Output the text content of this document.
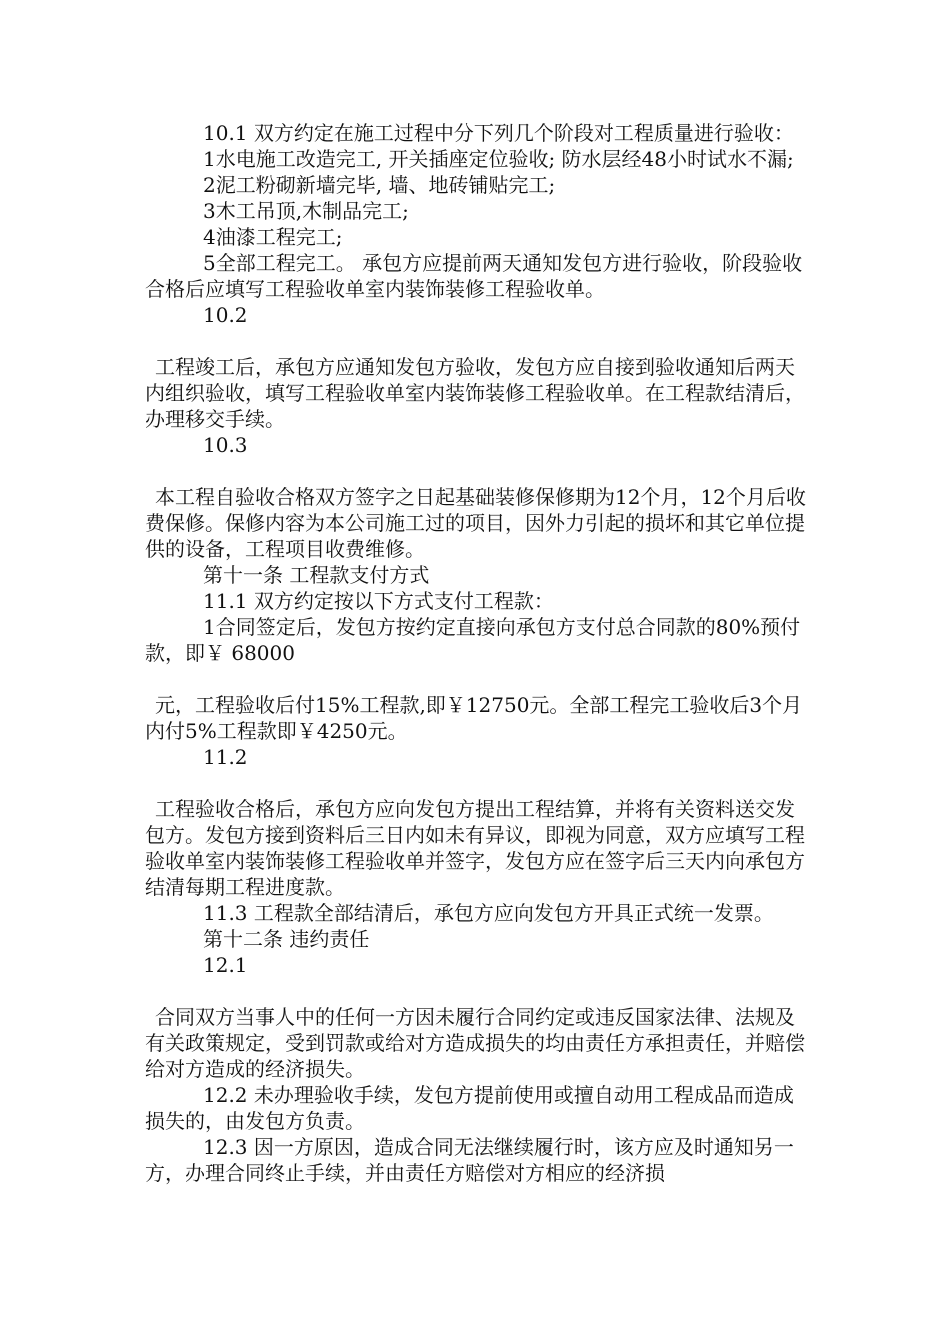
10.1 双方约定在施工过程中分下列几个阶段对工程质量进行验收：

1水电施工改造完工, 开关插座定位验收; 防水层经48小时试水不漏;

2泥工粉砌新墙完毕, 墙、地砖铺贴完工;

3木工吊顶,木制品完工;

4油漆工程完工;

5全部工程完工。 承包方应提前两天通知发包方进行验收，阶段验收合格后应填写工程验收单室内装饰装修工程验收单。

10.2

工程竣工后，承包方应通知发包方验收，发包方应自接到验收通知后两天内组织验收，填写工程验收单室内装饰装修工程验收单。在工程款结清后，办理移交手续。

10.3

本工程自验收合格双方签字之日起基础装修保修期为12个月，12个月后收费保修。保修内容为本公司施工过的项目，因外力引起的损坏和其它单位提供的设备，工程项目收费维修。

第十一条 工程款支付方式

11.1 双方约定按以下方式支付工程款：

1合同签定后，发包方按约定直接向承包方支付总合同款的80%预付款，即￥ 68000

元，工程验收后付15%工程款,即￥12750元。全部工程完工验收后3个月内付5%工程款即￥4250元。

11.2

工程验收合格后，承包方应向发包方提出工程结算，并将有关资料送交发包方。发包方接到资料后三日内如未有异议，即视为同意，双方应填写工程验收单室内装饰装修工程验收单并签字，发包方应在签字后三天内向承包方结清每期工程进度款。

11.3 工程款全部结清后，承包方应向发包方开具正式统一发票。

第十二条 违约责任

12.1

合同双方当事人中的任何一方因未履行合同约定或违反国家法律、法规及有关政策规定，受到罚款或给对方造成损失的均由责任方承担责任，并赔偿给对方造成的经济损失。

12.2 未办理验收手续，发包方提前使用或擅自动用工程成品而造成损失的，由发包方负责。

12.3 因一方原因，造成合同无法继续履行时，该方应及时通知另一方，办理合同终止手续，并由责任方赔偿对方相应的经济损
